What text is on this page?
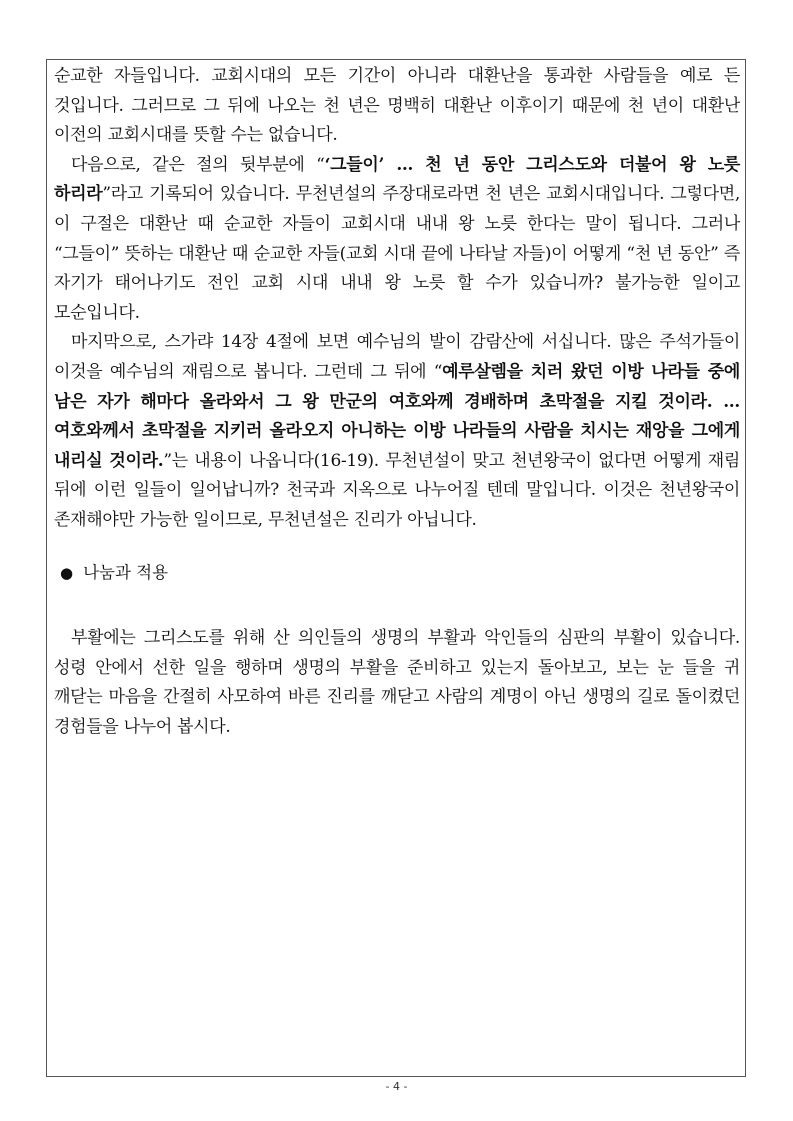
순교한 자들입니다. 교회시대의 모든 기간이 아니라 대환난을 통과한 사람들을 예로 든 것입니다. 그러므로 그 뒤에 나오는 천 년은 명백히 대환난 이후이기 때문에 천 년이 대환난 이전의 교회시대를 뜻할 수는 없습니다.

다음으로, 같은 절의 뒷부분에 “‘그들이’ … 천 년 동안 그리스도와 더불어 왕 노릇 하리라”라고 기록되어 있습니다. 무천년설의 주장대로라면 천 년은 교회시대입니다. 그렇다면, 이 구절은 대환난 때 순교한 자들이 교회시대 내내 왕 노릇 한다는 말이 됩니다. 그러나 “그들이” 뜻하는 대환난 때 순교한 자들(교회 시대 끝에 나타날 자들)이 어떻게 “천 년 동안” 즉 자기가 태어나기도 전인 교회 시대 내내 왕 노릇 할 수가 있습니까? 불가능한 일이고 모순입니다.

마지막으로, 스가랴 14장 4절에 보면 예수님의 발이 감람산에 서십니다. 많은 주석가들이 이것을 예수님의 재림으로 봅니다. 그런데 그 뒤에 “예루살렘을 치러 왔던 이방 나라들 중에 남은 자가 해마다 올라와서 그 왕 만군의 여호와께 경배하며 초막절을 지킬 것이라. … 여호와께서 초막절을 지키러 올라오지 아니하는 이방 나라들의 사람을 치시는 재앙을 그에게 내리실 것이라.”는 내용이 나옵니다(16-19). 무천년설이 맞고 천년왕국이 없다면 어떻게 재림 뒤에 이런 일들이 일어납니까? 천국과 지옥으로 나누어질 텐데 말입니다. 이것은 천년왕국이 존재해야만 가능한 일이므로, 무천년설은 진리가 아닙니다.

● 나눔과 적용

부활에는 그리스도를 위해 산 의인들의 생명의 부활과 악인들의 심판의 부활이 있습니다. 성령 안에서 선한 일을 행하며 생명의 부활을 준비하고 있는지 돌아보고, 보는 눈 들을 귀 깨닫는 마음을 간절히 사모하여 바른 진리를 깨닫고 사람의 계명이 아닌 생명의 길로 돌이켰던 경험들을 나누어 봅시다.

- 4 -
